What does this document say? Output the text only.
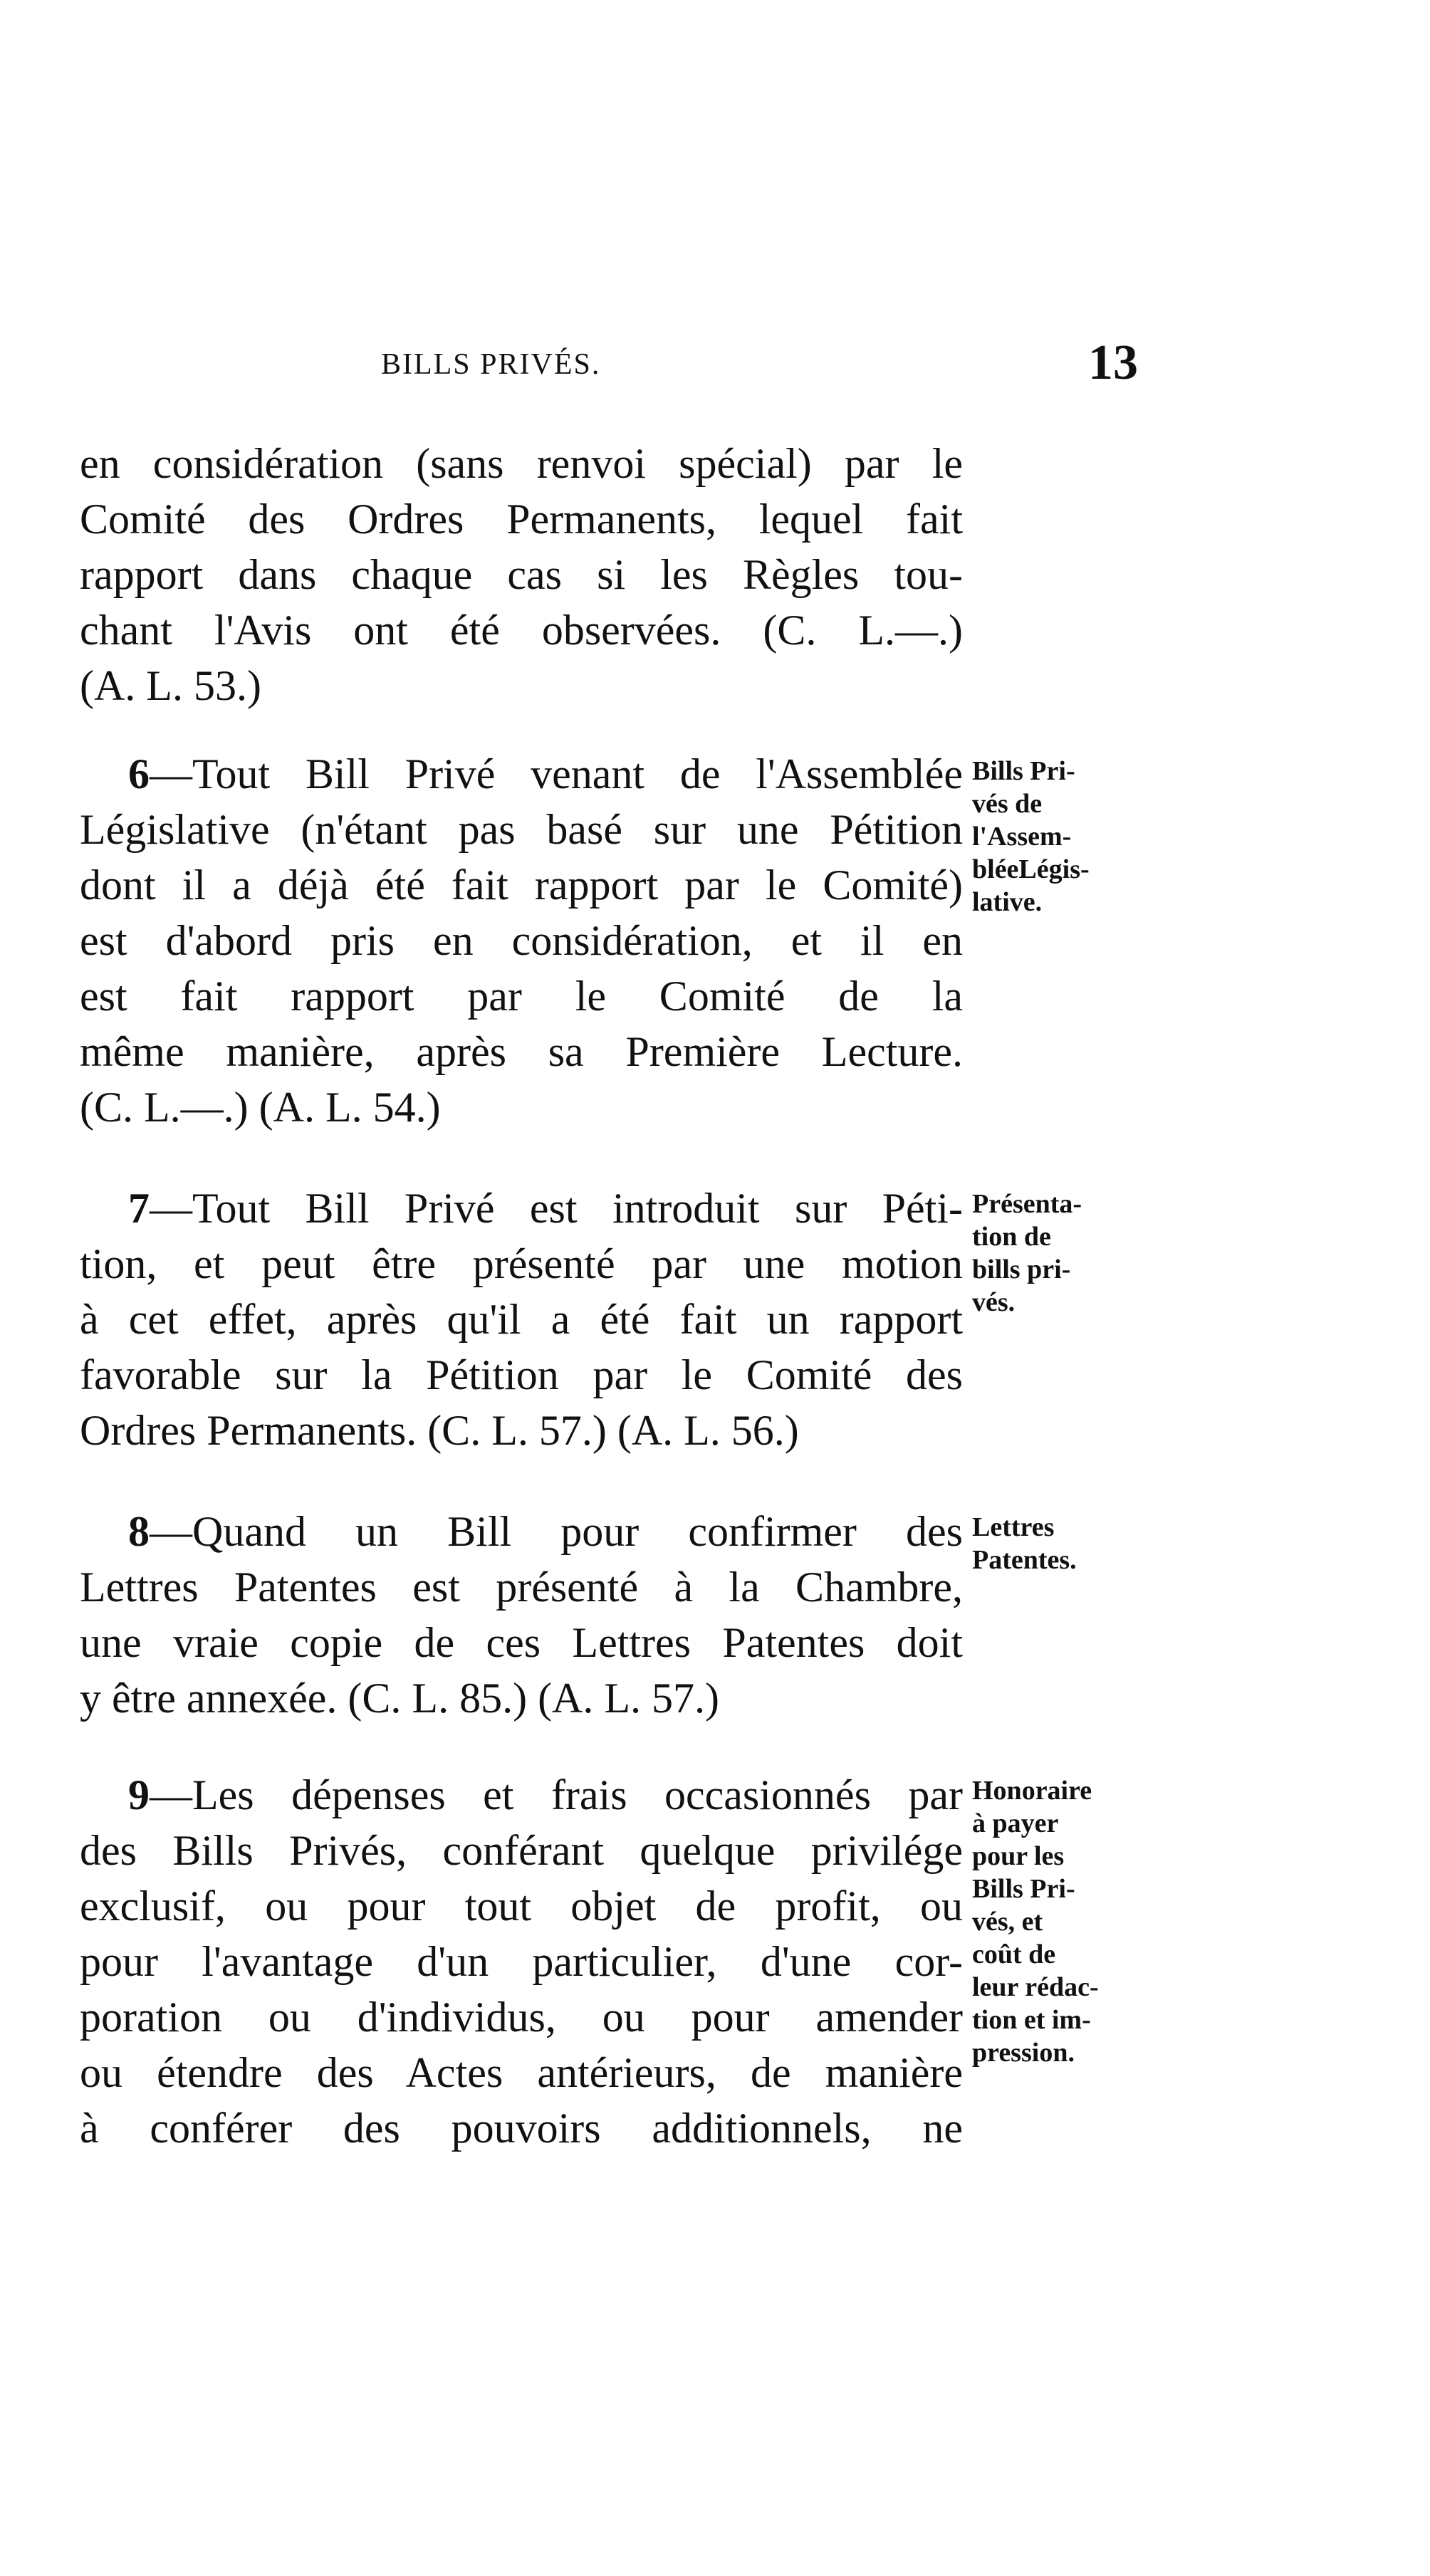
BILLS PRIVÉS.	13
en considération (sans renvoi spécial) par le
Comité des Ordres Permanents, lequel fait
rapport dans chaque cas si les Règles tou-
chant l'Avis ont été observées. (C. L.—.)
(A. L. 53.)
6—Tout Bill Privé venant de l'Assemblée
Législative (n'étant pas basé sur une Pétition
dont il a déjà été fait rapport par le Comité)
est d'abord pris en considération, et il en
est fait rapport par le Comité de la
même manière, après sa Première Lecture.
(C. L.—.) (A. L. 54.)
Bills Pri-
vés de
l'Assem-
bléeLégis-
lative.
7—Tout Bill Privé est introduit sur Péti-
tion, et peut être présenté par une motion
à cet effet, après qu'il a été fait un rapport
favorable sur la Pétition par le Comité des
Ordres Permanents. (C. L. 57.) (A. L. 56.)
Présenta-
tion de
bills pri-
vés.
8—Quand un Bill pour confirmer des
Lettres Patentes est présenté à la Chambre,
une vraie copie de ces Lettres Patentes doit
y être annexée. (C. L. 85.) (A. L. 57.)
Lettres
Patentes.
9—Les dépenses et frais occasionnés par
des Bills Privés, conférant quelque privilége
exclusif, ou pour tout objet de profit, ou
pour l'avantage d'un particulier, d'une cor-
poration ou d'individus, ou pour amender
ou étendre des Actes antérieurs, de manière
à conférer des pouvoirs additionnels, ne
Honoraire
à payer
pour les
Bills Pri-
vés, et
coût de
leur rédac-
tion et im-
pression.
